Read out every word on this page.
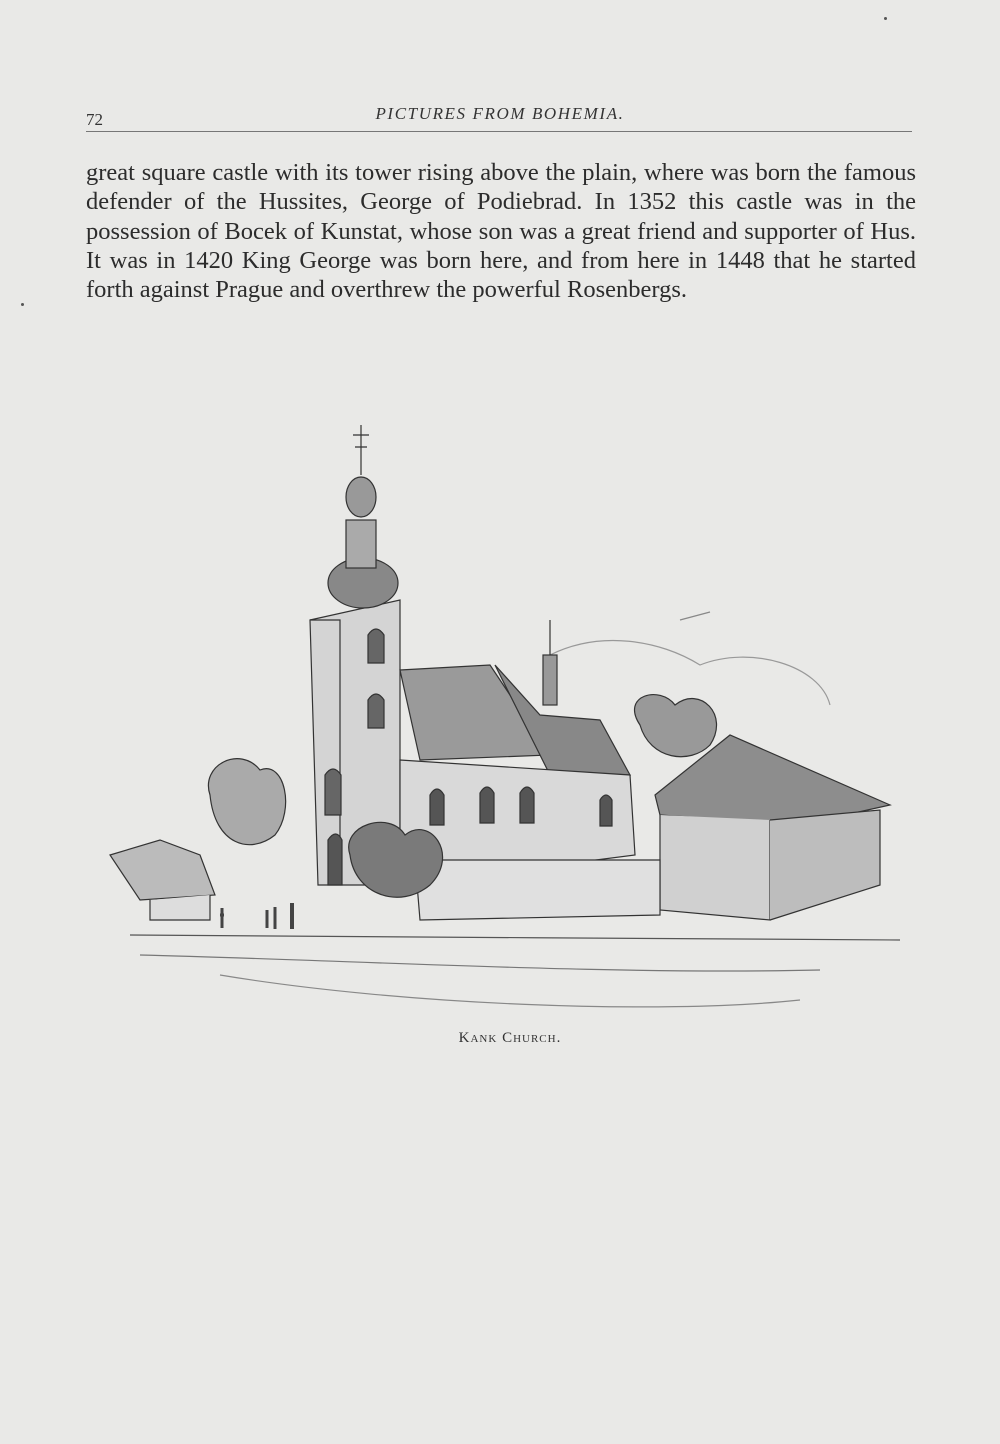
72	PICTURES FROM BOHEMIA.
great square castle with its tower rising above the plain, where was born the famous defender of the Hussites, George of Podiebrad. In 1352 this castle was in the possession of Bocek of Kunstat, whose son was a great friend and supporter of Hus. It was in 1420 King George was born here, and from here in 1448 that he started forth against Prague and overthrew the powerful Rosenbergs.
Kank Church.
